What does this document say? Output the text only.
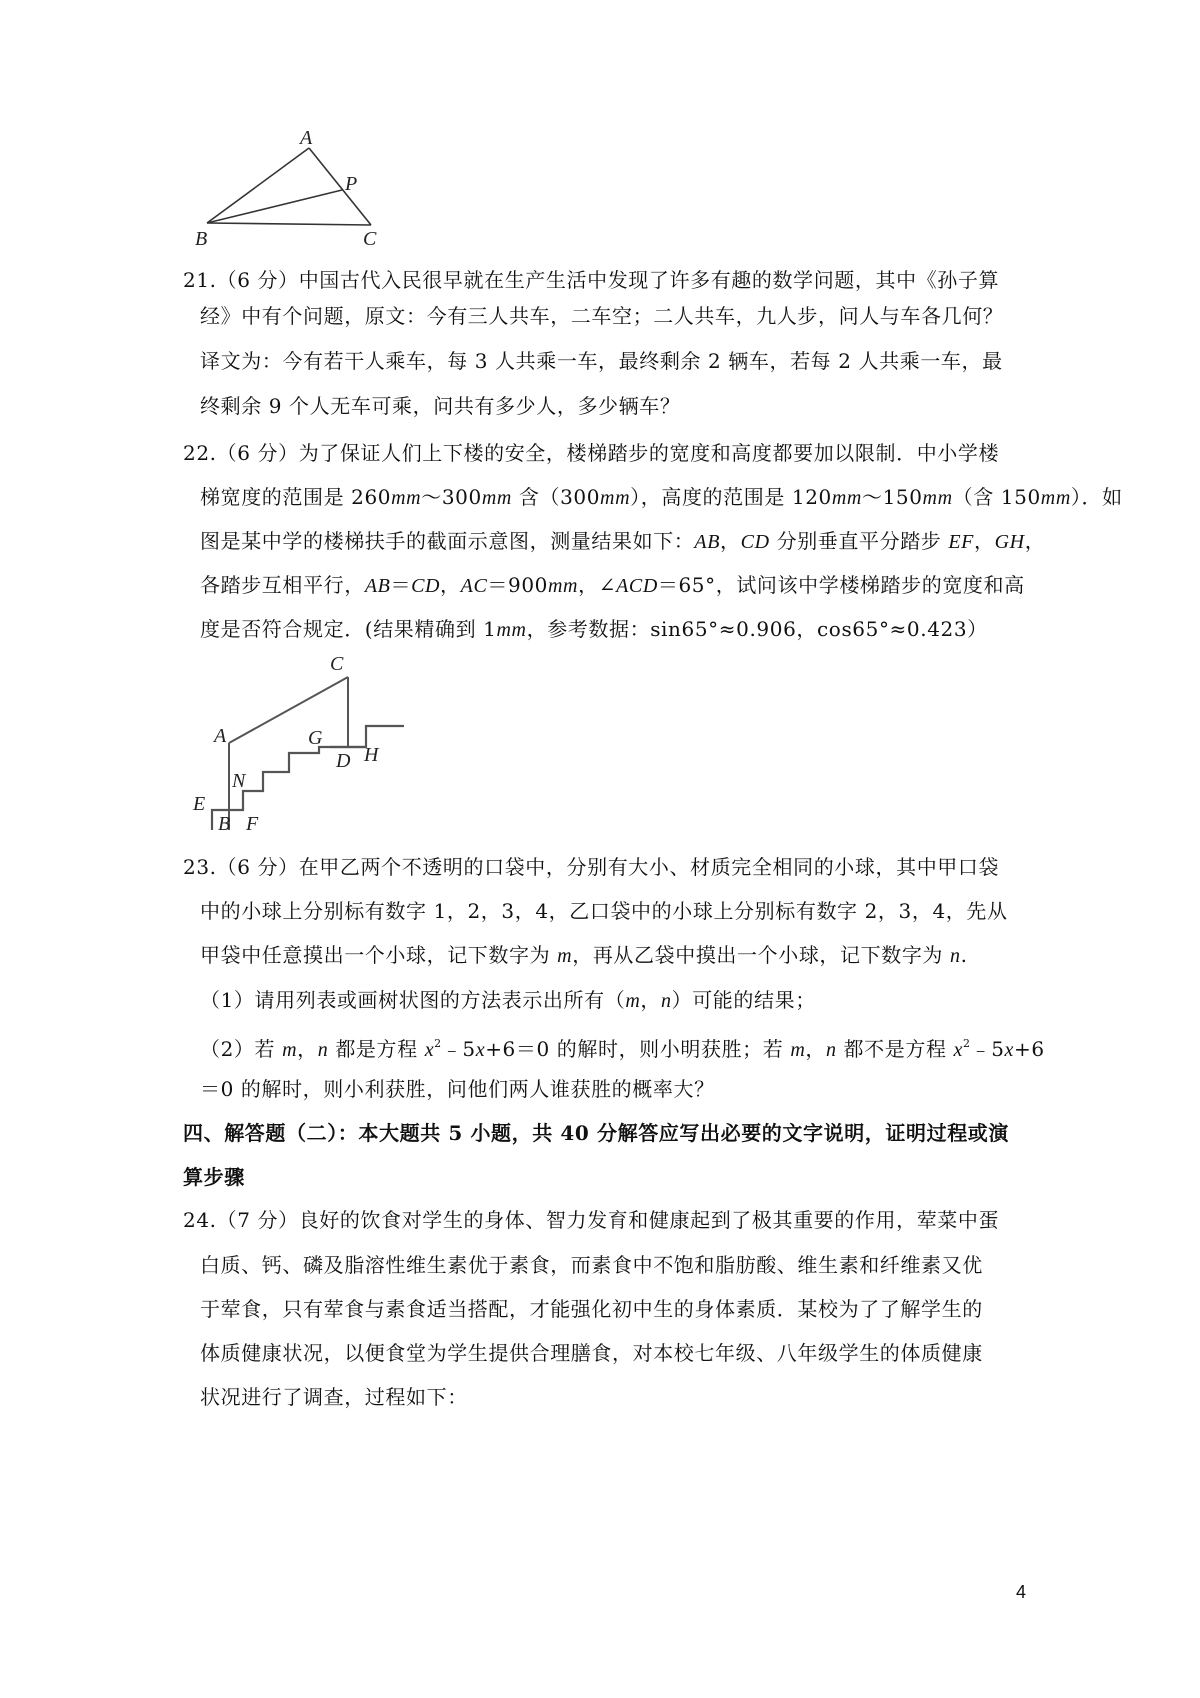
A
P
B	C
21.（6 分）中国古代入民很早就在生产生活中发现了许多有趣的数学问题，其中《孙子算
经》中有个问题，原文：今有三人共车，二车空；二人共车，九人步，问人与车各几何？
译文为：今有若干人乘车，每 3 人共乘一车，最终剩余 2 辆车，若每 2 人共乘一车，最
终剩余 9 个人无车可乘，问共有多少人，多少辆车？
22.（6 分）为了保证人们上下楼的安全，楼梯踏步的宽度和高度都要加以限制．中小学楼
梯宽度的范围是 260mm～300mm 含（300mm），高度的范围是 120mm～150mm（含 150mm）．如
图是某中学的楼梯扶手的截面示意图，测量结果如下：AB，CD 分别垂直平分踏步 EF，GH，
各踏步互相平行，AB＝CD，AC＝900mm，∠ACD＝65°，试问该中学楼梯踏步的宽度和高
度是否符合规定．(结果精确到 1mm，参考数据：sin65°≈0.906，cos65°≈0.423）
C
A	G
D H
N
E
B F
23.（6 分）在甲乙两个不透明的口袋中，分别有大小、材质完全相同的小球，其中甲口袋
中的小球上分别标有数字 1，2，3，4，乙口袋中的小球上分别标有数字 2，3，4，先从
甲袋中任意摸出一个小球，记下数字为 m，再从乙袋中摸出一个小球，记下数字为 n.
（1）请用列表或画树状图的方法表示出所有（m，n）可能的结果；
（2）若 m，n 都是方程 $x^2﹣5x+6=0$ 的解时，则小明获胜；若 m，n 都不是方程 $x^2﹣5x+6$
＝0 的解时，则小利获胜，问他们两人谁获胜的概率大？
四、解答题（二）：本大题共 5 小题，共 40 分解答应写出必要的文字说明，证明过程或演
算步骤
24.（7 分）良好的饮食对学生的身体、智力发育和健康起到了极其重要的作用，荤菜中蛋
白质、钙、磷及脂溶性维生素优于素食，而素食中不饱和脂肪酸、维生素和纤维素又优
于荤食，只有荤食与素食适当搭配，才能强化初中生的身体素质．某校为了了解学生的
体质健康状况，以便食堂为学生提供合理膳食，对本校七年级、八年级学生的体质健康
状况进行了调查，过程如下：
4
